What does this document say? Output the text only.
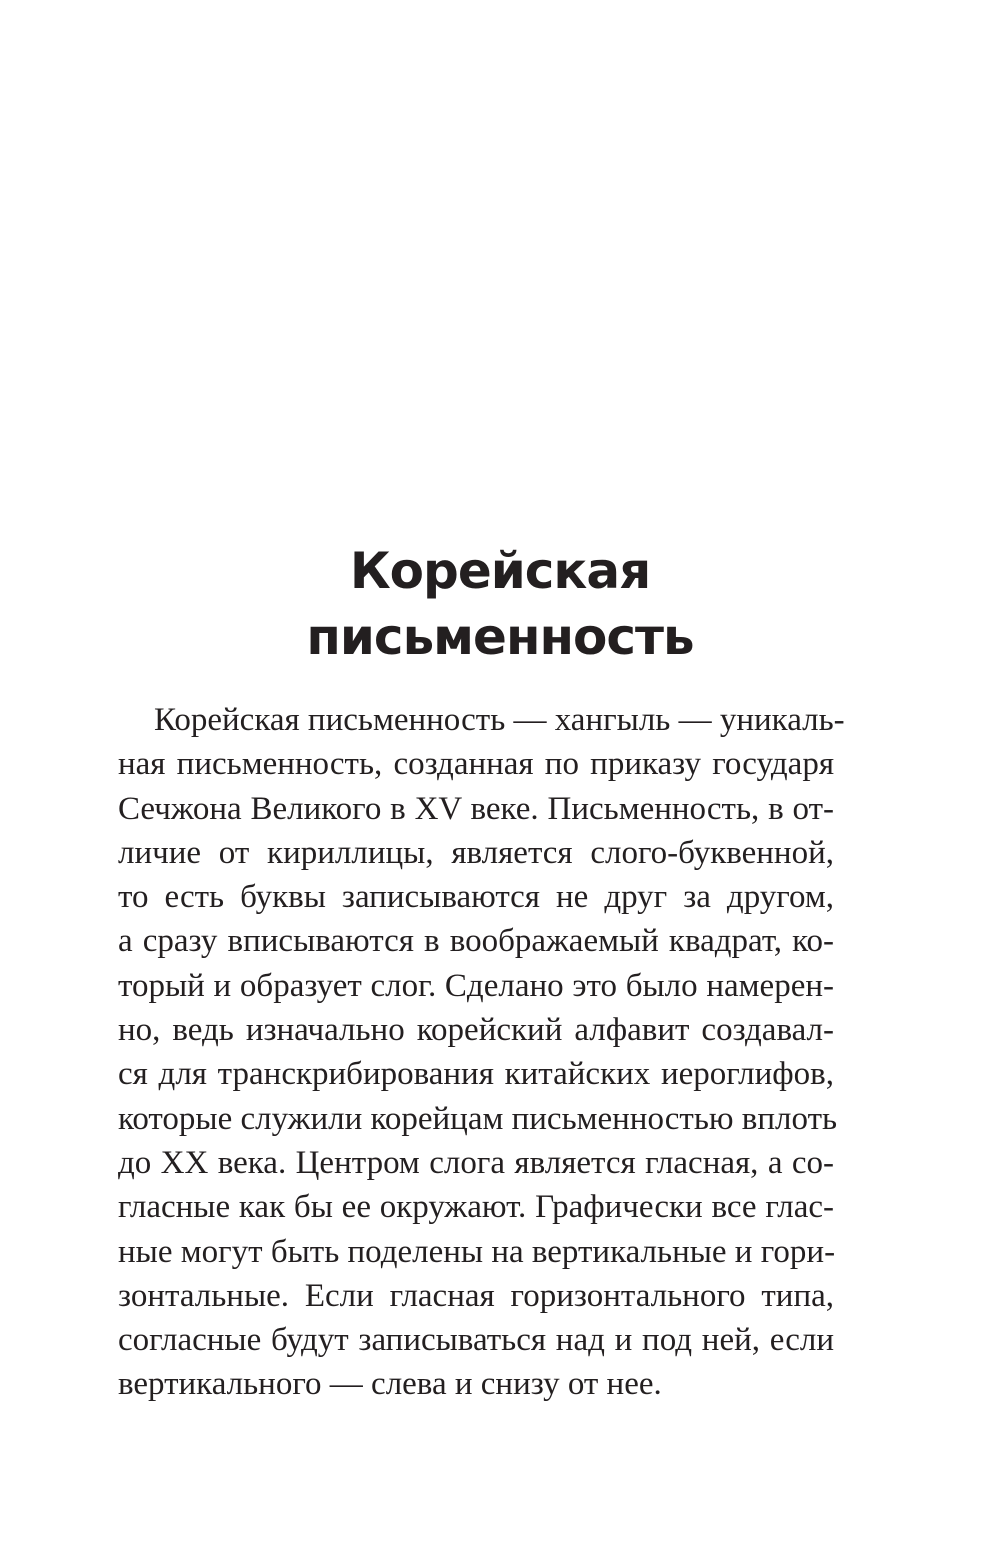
Корейская
письменность
Корейская письменность — хангыль — уникаль-
ная письменность, созданная по приказу государя
Сечжона Великого в XV веке. Письменность, в от-
личие от кириллицы, является слого-буквенной,
то есть буквы записываются не друг за другом,
а сразу вписываются в воображаемый квадрат, ко-
торый и образует слог. Сделано это было намерен-
но, ведь изначально корейский алфавит создавал-
ся для транскрибирования китайских иероглифов,
которые служили корейцам письменностью вплоть
до XX века. Центром слога является гласная, а со-
гласные как бы ее окружают. Графически все глас-
ные могут быть поделены на вертикальные и гори-
зонтальные. Если гласная горизонтального типа,
согласные будут записываться над и под ней, если
вертикального — слева и снизу от нее.
